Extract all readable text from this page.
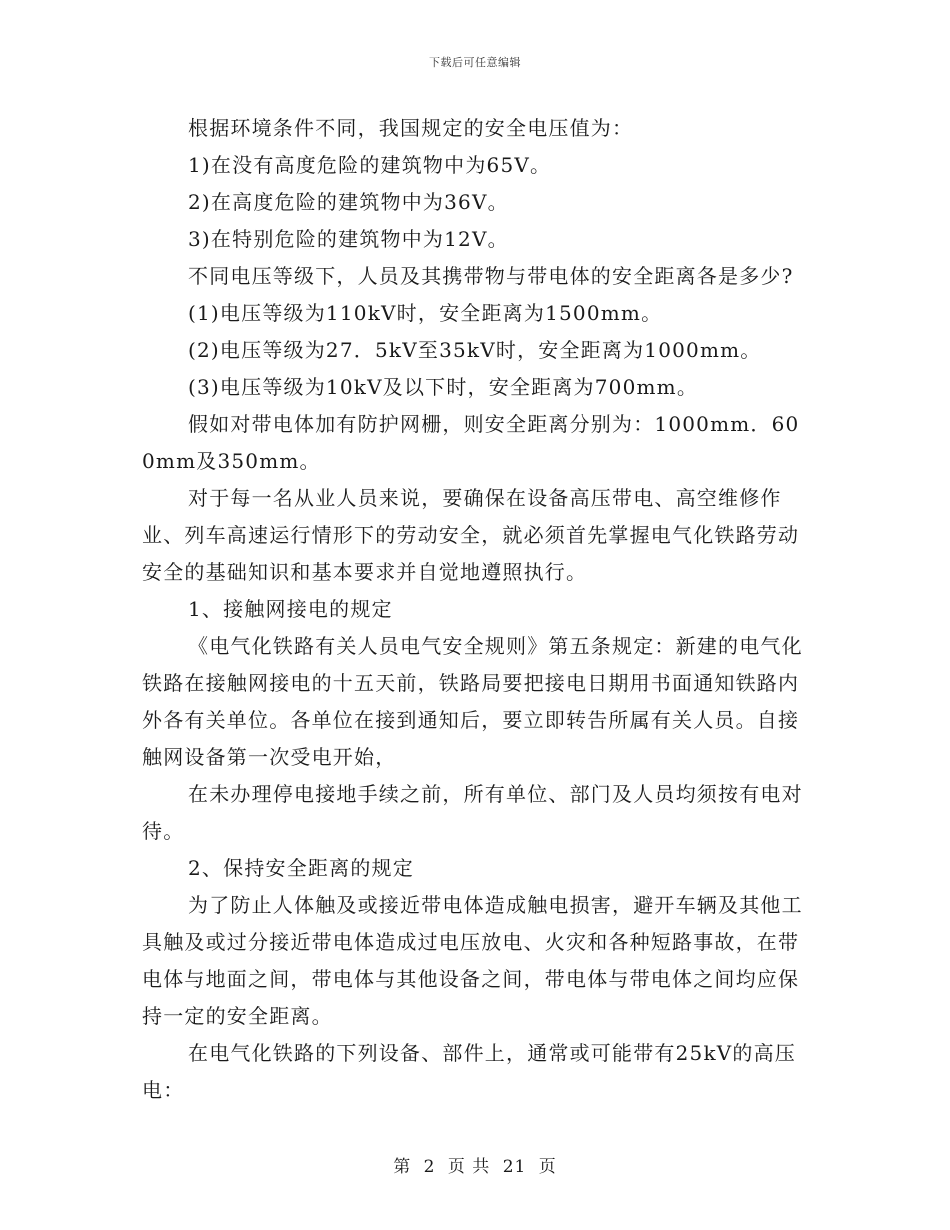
下载后可任意编辑

根据环境条件不同，我国规定的安全电压值为：

1)在没有高度危险的建筑物中为65V。

2)在高度危险的建筑物中为36V。

3)在特别危险的建筑物中为12V。

不同电压等级下，人员及其携带物与带电体的安全距离各是多少?

(1)电压等级为110kV时，安全距离为1500mm。

(2)电压等级为27．5kV至35kV时，安全距离为1000mm。

(3)电压等级为10kV及以下时，安全距离为700mm。

假如对带电体加有防护网栅，则安全距离分别为：1000mm．600mm及350mm。

对于每一名从业人员来说，要确保在设备高压带电、高空维修作业、列车高速运行情形下的劳动安全，就必须首先掌握电气化铁路劳动安全的基础知识和基本要求并自觉地遵照执行。

1、接触网接电的规定

《电气化铁路有关人员电气安全规则》第五条规定：新建的电气化铁路在接触网接电的十五天前，铁路局要把接电日期用书面通知铁路内外各有关单位。各单位在接到通知后，要立即转告所属有关人员。自接触网设备第一次受电开始，

在未办理停电接地手续之前，所有单位、部门及人员均须按有电对待。

2、保持安全距离的规定

为了防止人体触及或接近带电体造成触电损害，避开车辆及其他工具触及或过分接近带电体造成过电压放电、火灾和各种短路事故，在带电体与地面之间，带电体与其他设备之间，带电体与带电体之间均应保持一定的安全距离。

在电气化铁路的下列设备、部件上，通常或可能带有25kV的高压电：

第 2 页 共 21 页
